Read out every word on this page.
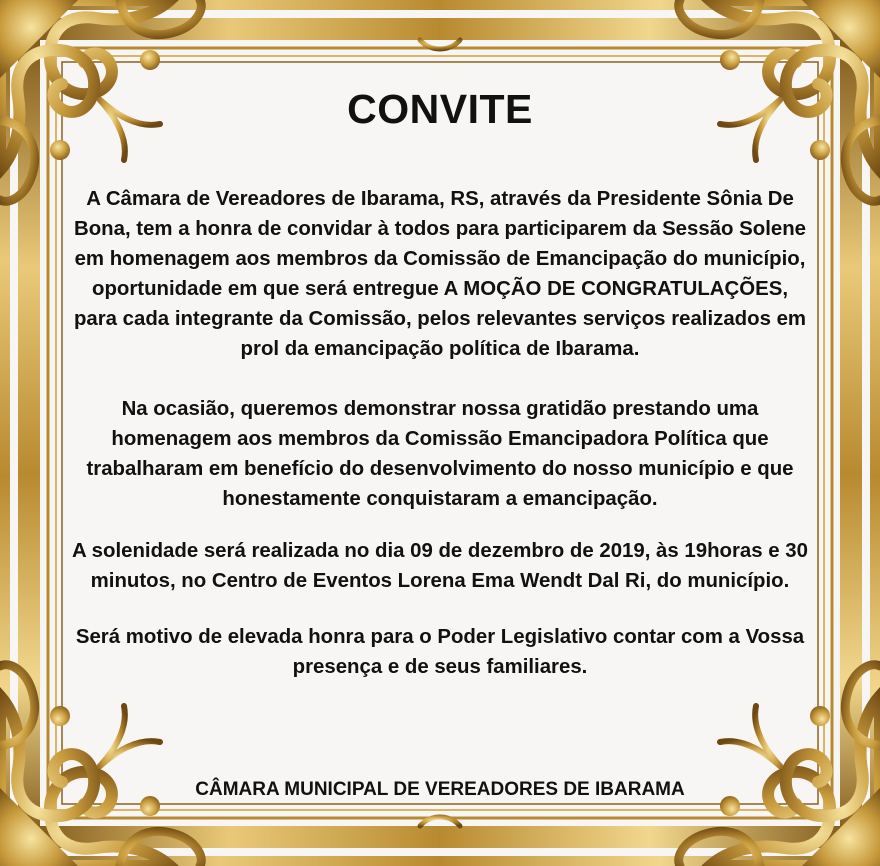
CONVITE

A Câmara de Vereadores de Ibarama, RS, através da Presidente Sônia De Bona, tem a honra de convidar à todos para participarem da Sessão Solene em homenagem aos membros da Comissão de Emancipação do município, oportunidade em que será entregue A MOÇÃO DE CONGRATULAÇÕES, para cada integrante da Comissão, pelos relevantes serviços realizados em prol da emancipação política de Ibarama.

Na ocasião, queremos demonstrar nossa gratidão prestando uma homenagem aos membros da Comissão Emancipadora Política que trabalharam em benefício do desenvolvimento do nosso município e que honestamente conquistaram a emancipação.

A solenidade será realizada no dia 09 de dezembro de 2019, às 19horas e 30 minutos, no Centro de Eventos Lorena Ema Wendt Dal Ri, do município.

Será motivo de elevada honra para o Poder Legislativo contar com a Vossa presença e de seus familiares.

CÂMARA MUNICIPAL DE VEREADORES DE IBARAMA
